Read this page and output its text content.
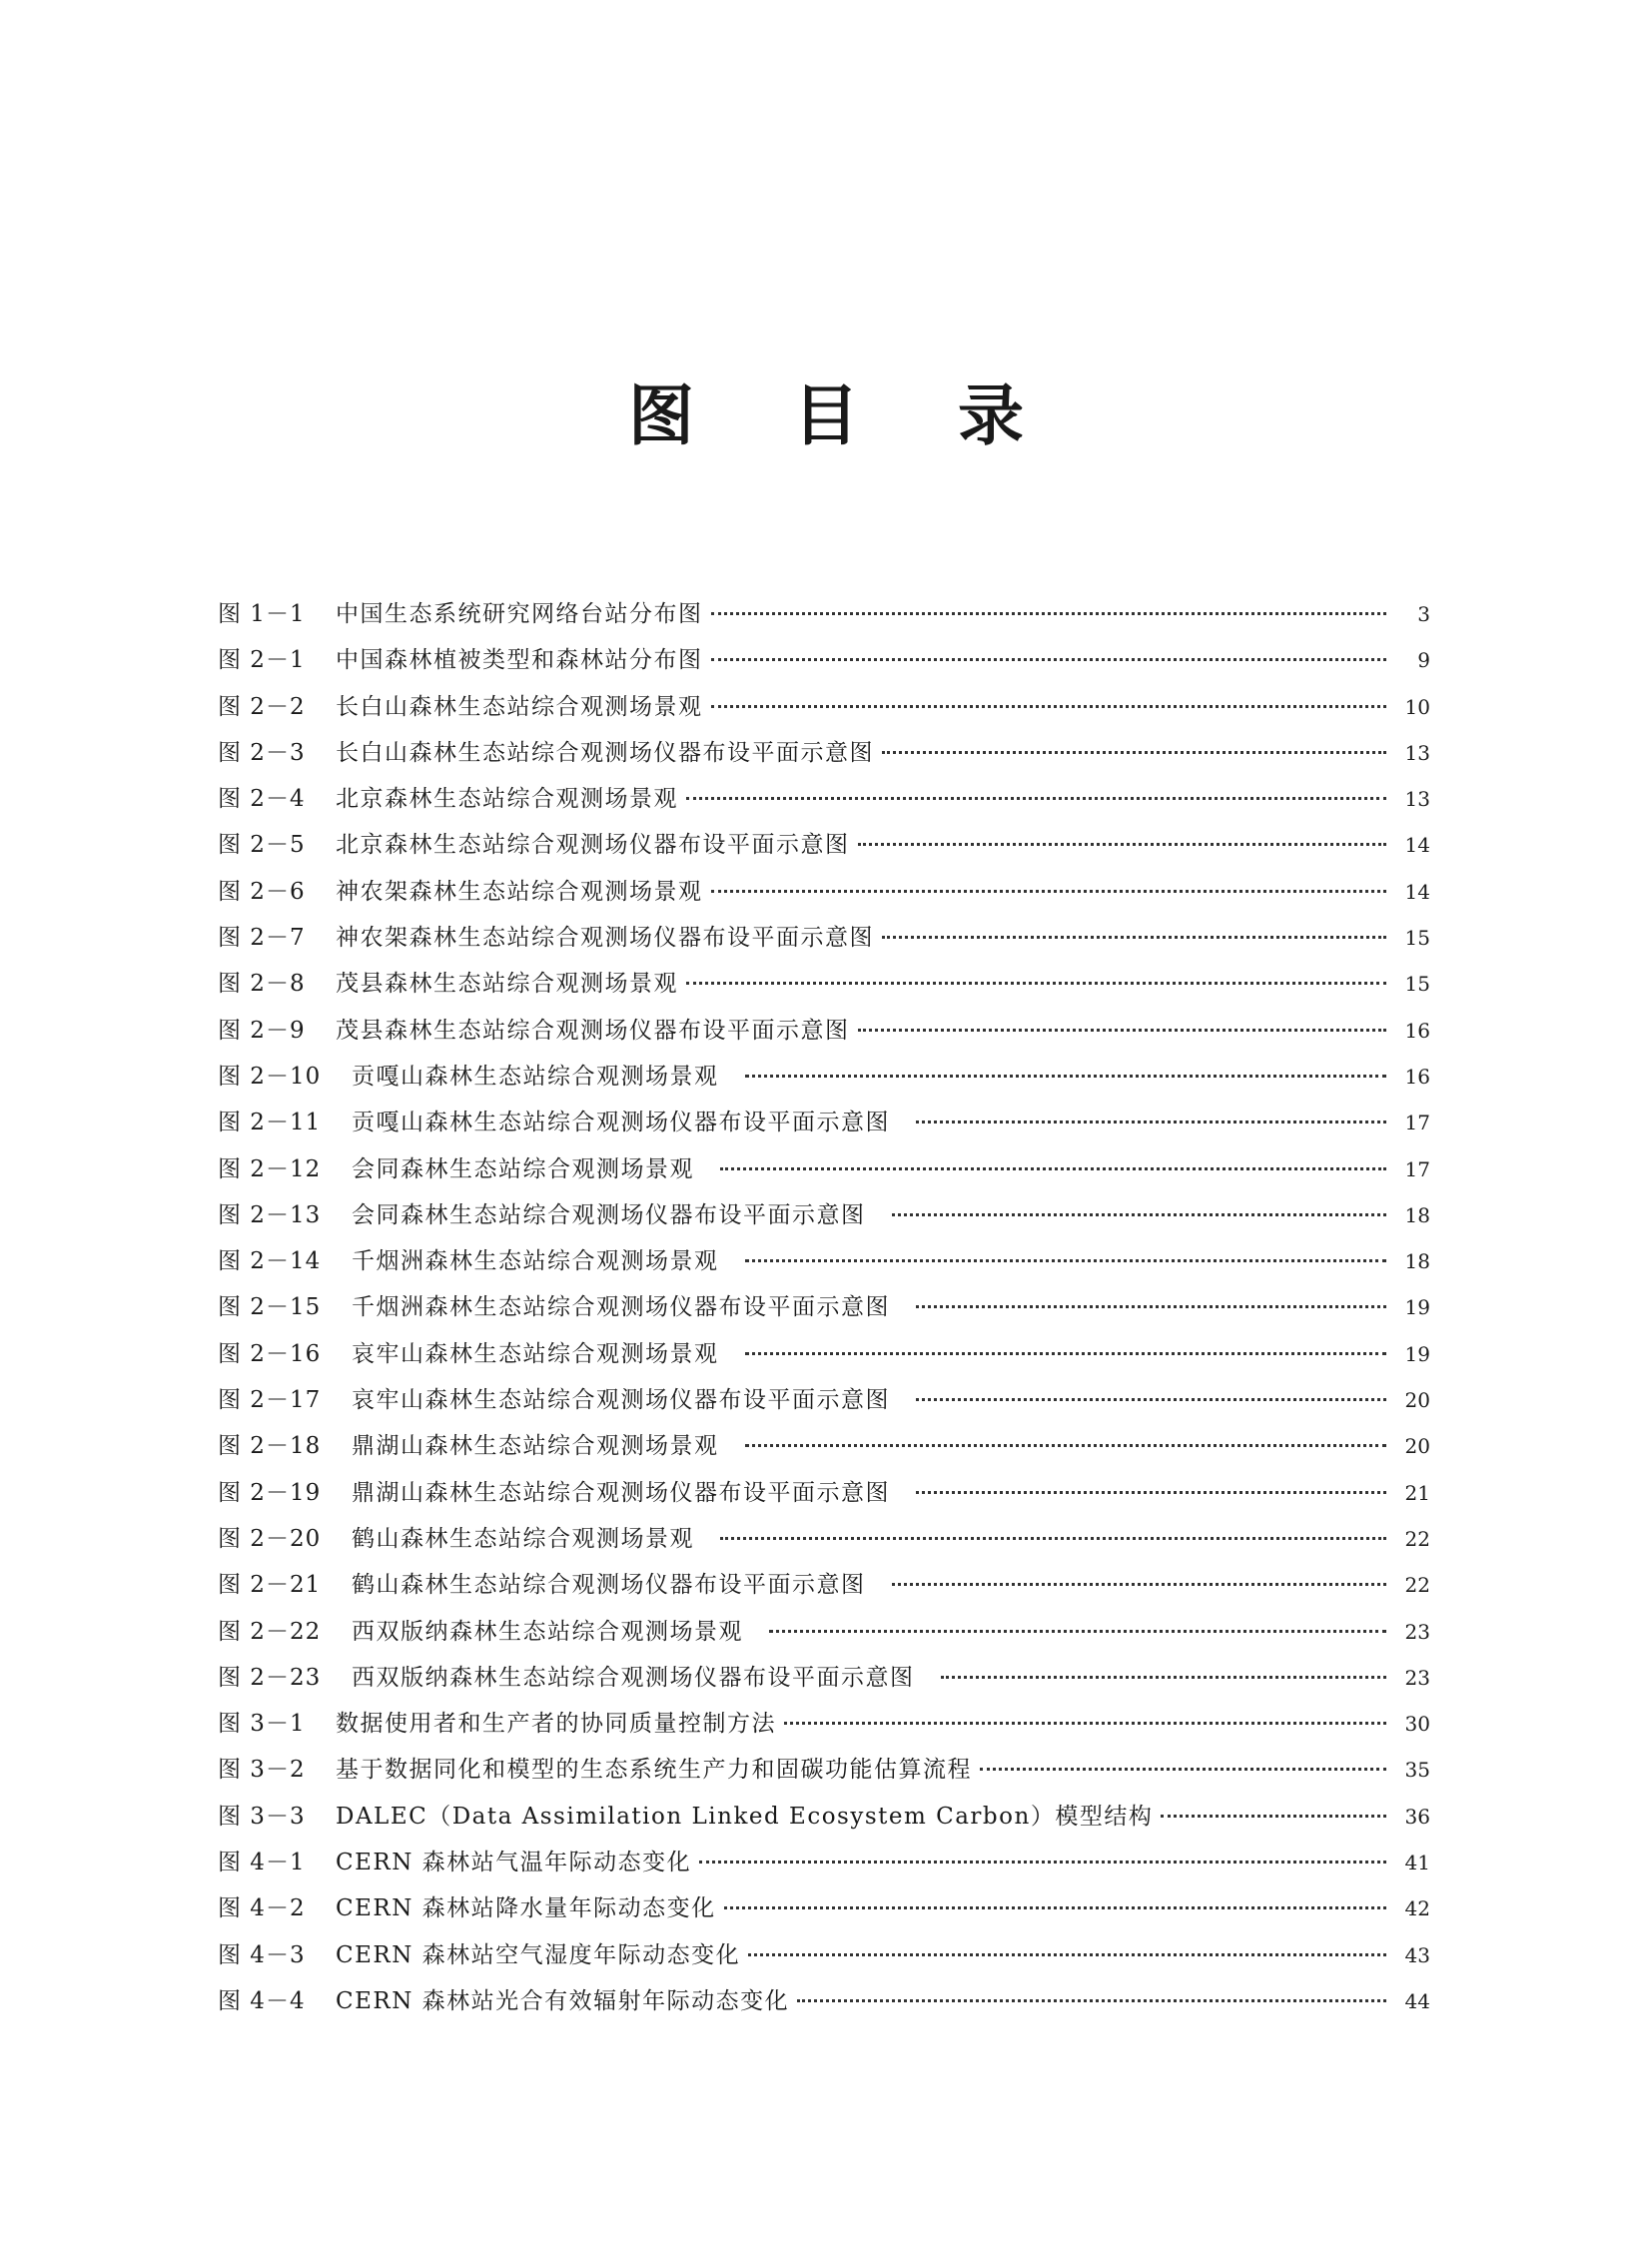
图 目 录
图 1－1	中国生态系统研究网络台站分布图	3
图 2－1	中国森林植被类型和森林站分布图	9
图 2－2	长白山森林生态站综合观测场景观	10
图 2－3	长白山森林生态站综合观测场仪器布设平面示意图	13
图 2－4	北京森林生态站综合观测场景观	13
图 2－5	北京森林生态站综合观测场仪器布设平面示意图	14
图 2－6	神农架森林生态站综合观测场景观	14
图 2－7	神农架森林生态站综合观测场仪器布设平面示意图	15
图 2－8	茂县森林生态站综合观测场景观	15
图 2－9	茂县森林生态站综合观测场仪器布设平面示意图	16
图 2－10	贡嘎山森林生态站综合观测场景观	16
图 2－11	贡嘎山森林生态站综合观测场仪器布设平面示意图	17
图 2－12	会同森林生态站综合观测场景观	17
图 2－13	会同森林生态站综合观测场仪器布设平面示意图	18
图 2－14	千烟洲森林生态站综合观测场景观	18
图 2－15	千烟洲森林生态站综合观测场仪器布设平面示意图	19
图 2－16	哀牢山森林生态站综合观测场景观	19
图 2－17	哀牢山森林生态站综合观测场仪器布设平面示意图	20
图 2－18	鼎湖山森林生态站综合观测场景观	20
图 2－19	鼎湖山森林生态站综合观测场仪器布设平面示意图	21
图 2－20	鹤山森林生态站综合观测场景观	22
图 2－21	鹤山森林生态站综合观测场仪器布设平面示意图	22
图 2－22	西双版纳森林生态站综合观测场景观	23
图 2－23	西双版纳森林生态站综合观测场仪器布设平面示意图	23
图 3－1	数据使用者和生产者的协同质量控制方法	30
图 3－2	基于数据同化和模型的生态系统生产力和固碳功能估算流程	35
图 3－3	DALEC（Data Assimilation Linked Ecosystem Carbon）模型结构	36
图 4－1	CERN 森林站气温年际动态变化	41
图 4－2	CERN 森林站降水量年际动态变化	42
图 4－3	CERN 森林站空气湿度年际动态变化	43
图 4－4	CERN 森林站光合有效辐射年际动态变化	44
